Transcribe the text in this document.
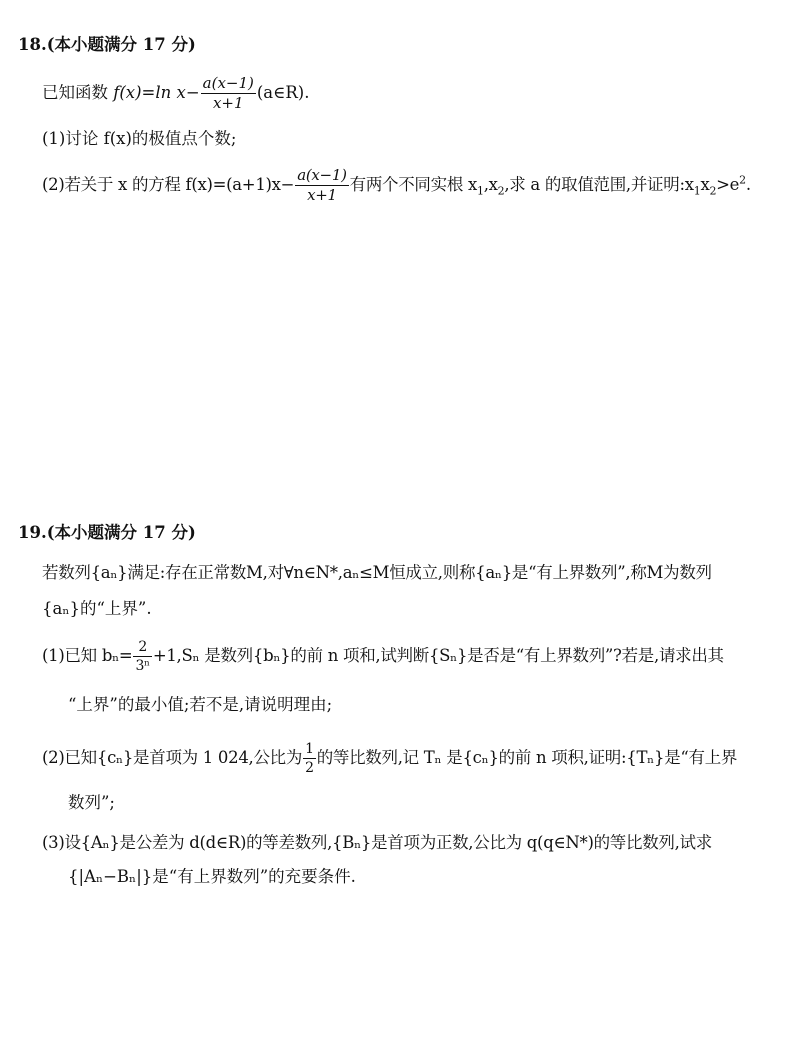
18.(本小题满分 17 分)
已知函数 f(x)=ln $x- \frac{a(x-1)}{x+1}$ (a∈R).
(1)讨论 f(x)的极值点个数;
(2)若关于 x 的方程 $f(x)=(a+1)x- \frac{a(x-1)}{x+1}$ 有两个不同实根 $x_1,x_2$,求 a 的取值范围,并证明$:x_1x_2>e^2$.
19.(本小题满分 17 分)
若数列{aₙ}满足:存在正常数M,对∀n∈N*,aₙ≤M恒成立,则称{aₙ}是“有上界数列”,称M为数列
{aₙ}的“上界”.
(1)已知 $b_n= \frac{2}{\text{3ⁿ}} +1,S_n$ 是数列{bₙ}的前 n 项和,试判断{Sₙ}是否是“有上界数列”?若是,请求出其
“上界”的最小值;若不是,请说明理由;
(2)已知{cₙ}是首项为 1 024,公比为 $\frac{1}{2}$ 的等比数列,记 Tₙ 是{cₙ}的前 n 项积,证明:{Tₙ}是“有上界
数列”;
(3)设{Aₙ}是公差为 d(d∈R)的等差数列,{Bₙ}是首项为正数,公比为 q(q∈N*)的等比数列,试求
{|Aₙ−Bₙ|}是“有上界数列”的充要条件.
